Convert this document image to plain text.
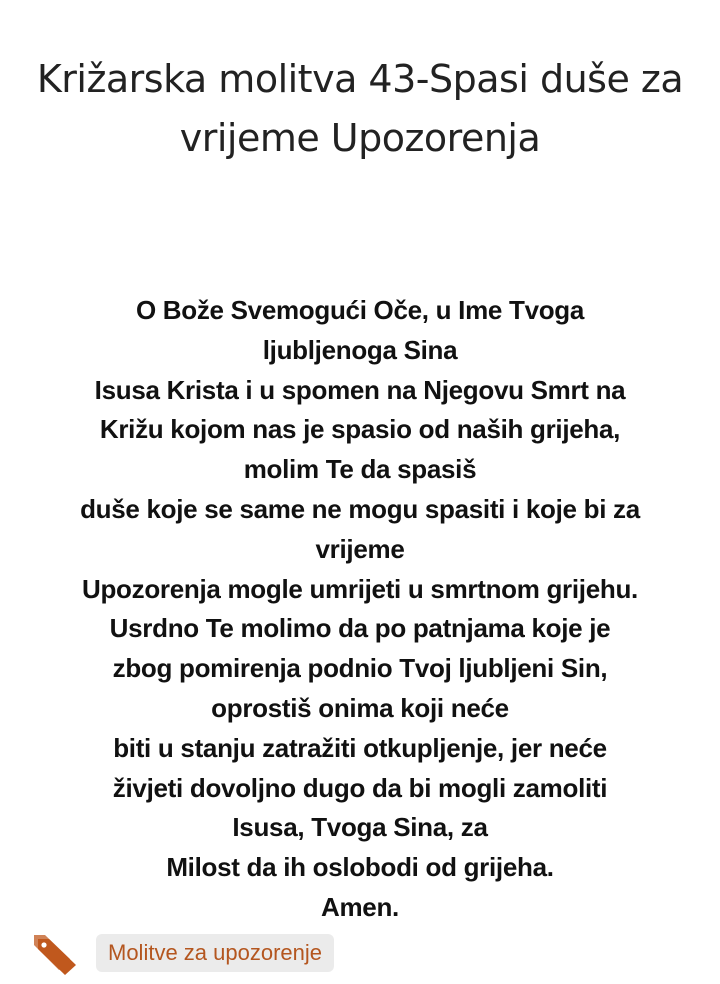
Križarska molitva 43-Spasi duše za vrijeme Upozorenja
O Bože Svemogući Oče, u Ime Tvoga
ljubljenoga Sina
Isusa Krista i u spomen na Njegovu Smrt na
Križu kojom nas je spasio od naših grijeha,
molim Te da spasiš
duše koje se same ne mogu spasiti i koje bi za
vrijeme
Upozorenja mogle umrijeti u smrtnom grijehu.
Usrdno Te molimo da po patnjama koje je
zbog pomirenja podnio Tvoj ljubljeni Sin,
oprostiš onima koji neće
biti u stanju zatražiti otkupljenje, jer neće
živjeti dovoljno dugo da bi mogli zamoliti
Isusa, Tvoga Sina, za
Milost da ih oslobodi od grijeha.
Amen.
Molitve za upozorenje
